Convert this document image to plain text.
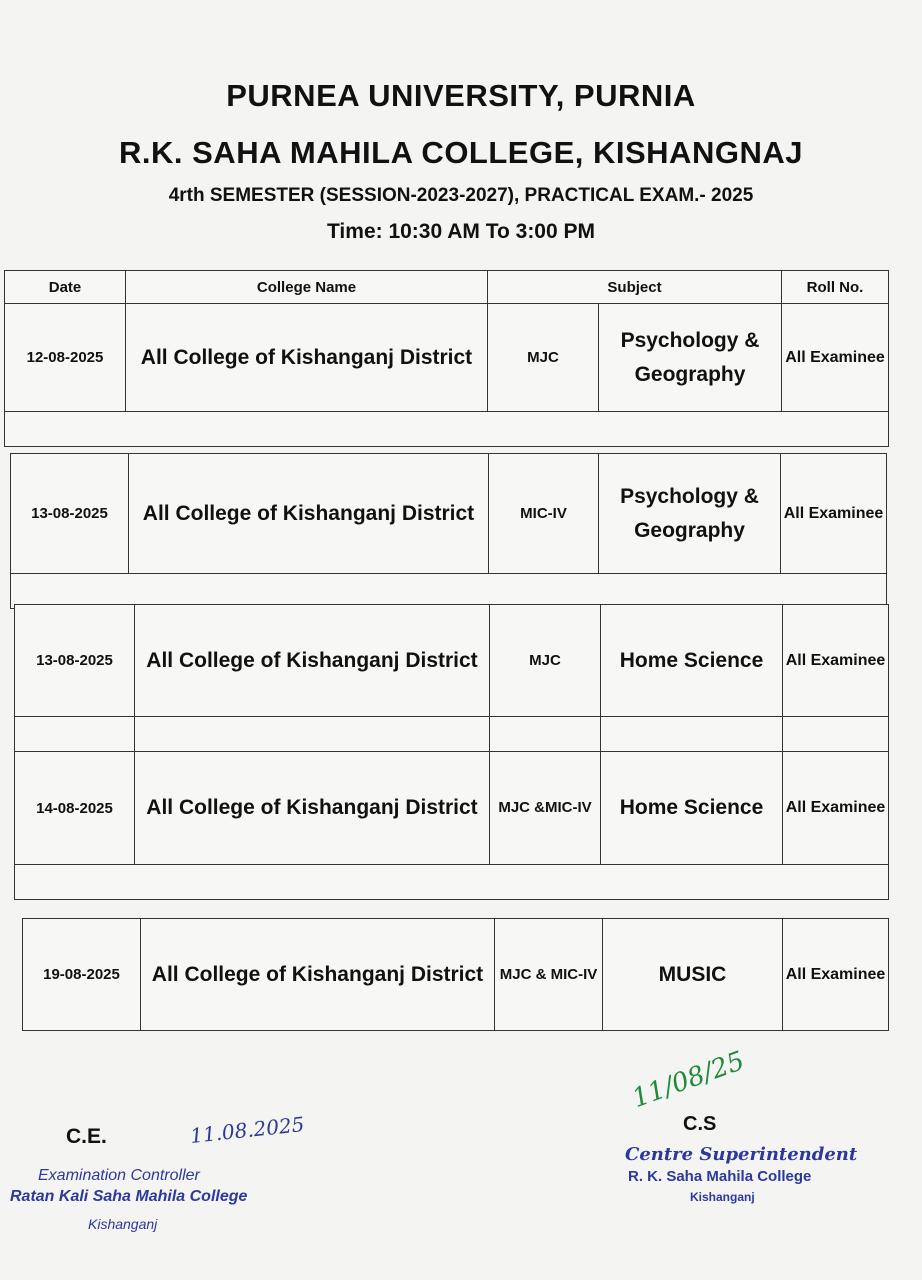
PURNEA UNIVERSITY, PURNIA
R.K. SAHA MAHILA COLLEGE, KISHANGNAJ
4rth SEMESTER (SESSION-2023-2027), PRACTICAL EXAM.- 2025
Time: 10:30 AM To 3:00 PM
Date	College Name	Subject		Roll No.
12-08-2025	All College of Kishanganj District	MJC	Psychology & Geography	All Examinee

13-08-2025	All College of Kishanganj District	MIC-IV	Psychology & Geography	All Examinee

13-08-2025	All College of Kishanganj District	MJC	Home Science	All Examinee

14-08-2025	All College of Kishanganj District	MJC &MIC-IV	Home Science	All Examinee

19-08-2025	All College of Kishanganj District	MJC & MIC-IV	MUSIC	All Examinee
C.E.	11.08.2025
Examination Controller
Ratan Kali Saha Mahila College
Kishanganj
11/08/25
C.S
Centre Superintendent
R. K. Saha Mahila College
Kishanganj
